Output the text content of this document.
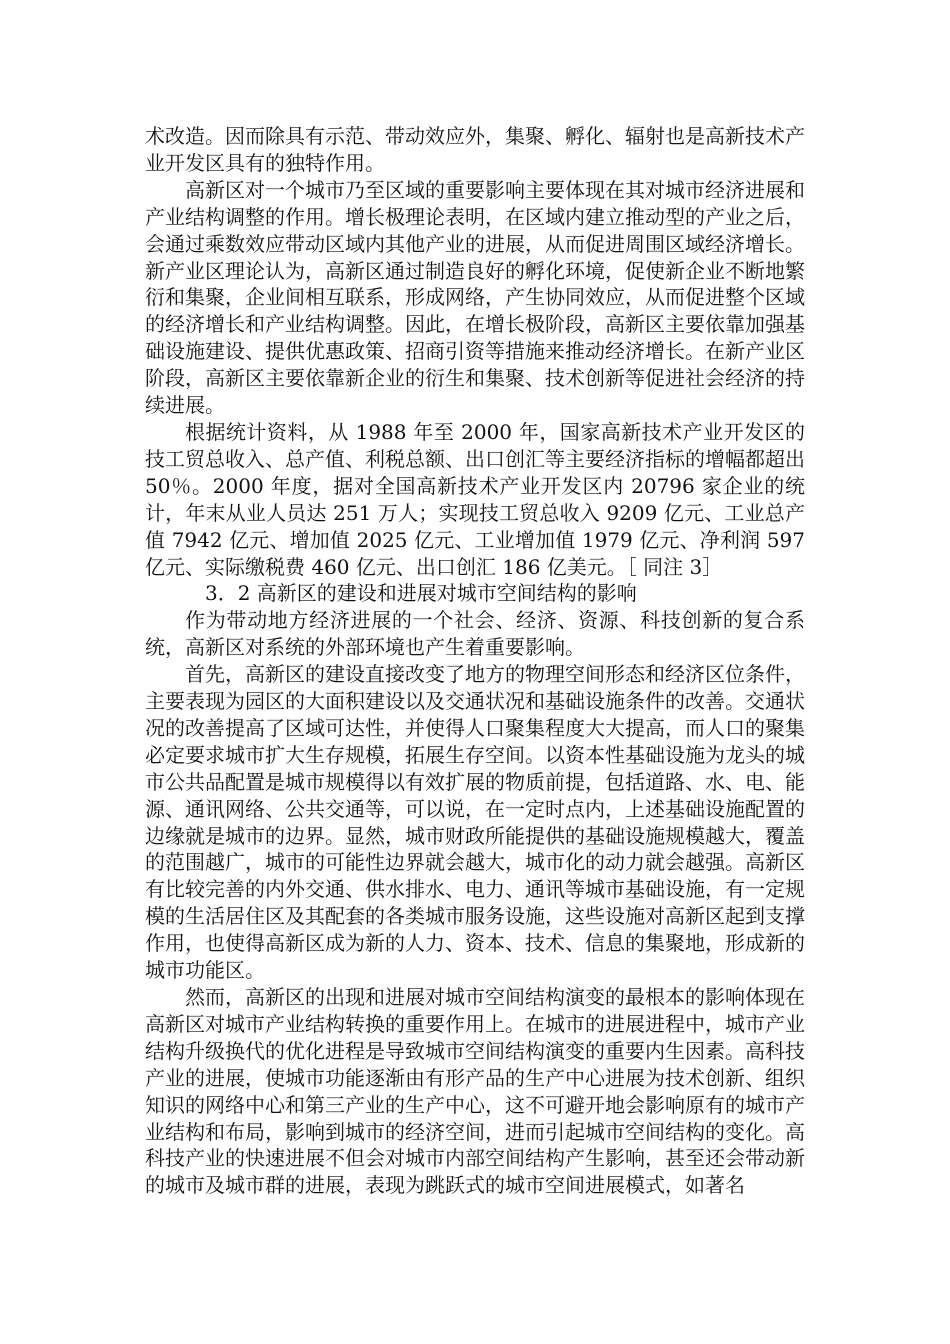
术改造。因而除具有示范、带动效应外，集聚、孵化、辐射也是高新技术产业开发区具有的独特作用。

高新区对一个城市乃至区域的重要影响主要体现在其对城市经济进展和产业结构调整的作用。增长极理论表明，在区域内建立推动型的产业之后，会通过乘数效应带动区域内其他产业的进展，从而促进周围区域经济增长。新产业区理论认为，高新区通过制造良好的孵化环境，促使新企业不断地繁衍和集聚，企业间相互联系，形成网络，产生协同效应，从而促进整个区域的经济增长和产业结构调整。因此，在增长极阶段，高新区主要依靠加强基础设施建设、提供优惠政策、招商引资等措施来推动经济增长。在新产业区阶段，高新区主要依靠新企业的衍生和集聚、技术创新等促进社会经济的持续进展。

根据统计资料，从 1988 年至 2000 年，国家高新技术产业开发区的技工贸总收入、总产值、利税总额、出口创汇等主要经济指标的增幅都超出 50％。2000 年度，据对全国高新技术产业开发区内 20796 家企业的统计，年末从业人员达 251 万人；实现技工贸总收入 9209 亿元、工业总产值 7942 亿元、增加值 2025 亿元、工业增加值 1979 亿元、净利润 597 亿元、实际缴税费 460 亿元、出口创汇 186 亿美元。［ 同注 3］

3．2 高新区的建设和进展对城市空间结构的影响

作为带动地方经济进展的一个社会、经济、资源、科技创新的复合系统，高新区对系统的外部环境也产生着重要影响。

首先，高新区的建设直接改变了地方的物理空间形态和经济区位条件，主要表现为园区的大面积建设以及交通状况和基础设施条件的改善。交通状况的改善提高了区域可达性，并使得人口聚集程度大大提高，而人口的聚集必定要求城市扩大生存规模，拓展生存空间。以资本性基础设施为龙头的城市公共品配置是城市规模得以有效扩展的物质前提，包括道路、水、电、能源、通讯网络、公共交通等，可以说，在一定时点内，上述基础设施配置的边缘就是城市的边界。显然，城市财政所能提供的基础设施规模越大，覆盖的范围越广，城市的可能性边界就会越大，城市化的动力就会越强。高新区有比较完善的内外交通、供水排水、电力、通讯等城市基础设施，有一定规模的生活居住区及其配套的各类城市服务设施，这些设施对高新区起到支撑作用，也使得高新区成为新的人力、资本、技术、信息的集聚地，形成新的城市功能区。

然而，高新区的出现和进展对城市空间结构演变的最根本的影响体现在高新区对城市产业结构转换的重要作用上。在城市的进展进程中，城市产业结构升级换代的优化进程是导致城市空间结构演变的重要内生因素。高科技产业的进展，使城市功能逐渐由有形产品的生产中心进展为技术创新、组织知识的网络中心和第三产业的生产中心，这不可避开地会影响原有的城市产业结构和布局，影响到城市的经济空间，进而引起城市空间结构的变化。高科技产业的快速进展不但会对城市内部空间结构产生影响，甚至还会带动新的城市及城市群的进展，表现为跳跃式的城市空间进展模式，如著名
